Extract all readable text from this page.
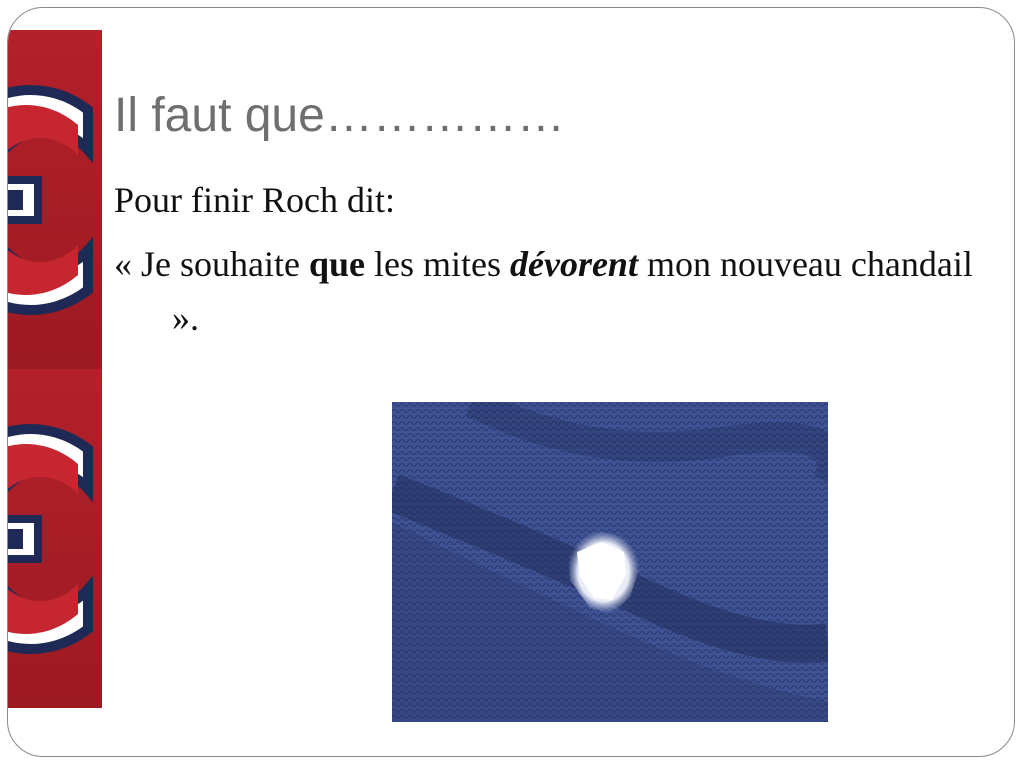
Il faut que……………

Pour finir Roch dit:

« Je souhaite que les mites dévorent mon nouveau chandail ».
